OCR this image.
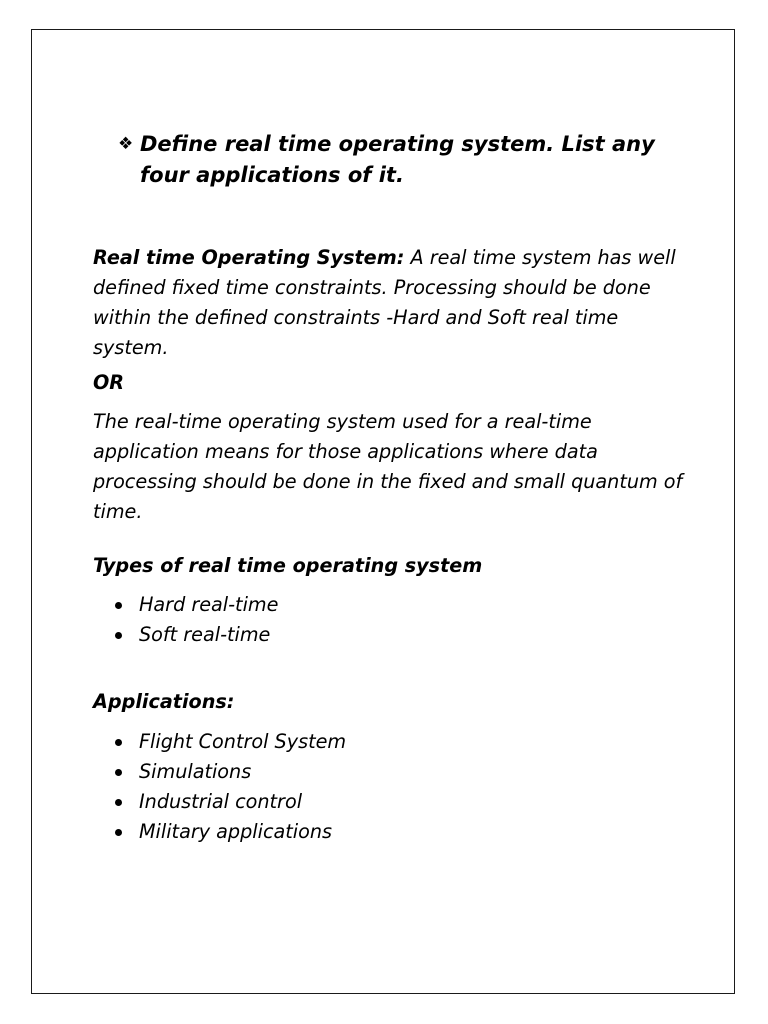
❖ Define real time operating system. List any four applications of it.
Real time Operating System: A real time system has well defined fixed time constraints. Processing should be done within the defined constraints -Hard and Soft real time system.
OR
The real-time operating system used for a real-time application means for those applications where data processing should be done in the fixed and small quantum of time.
Types of real time operating system
Hard real-time
Soft real-time
Applications:
Flight Control System
Simulations
Industrial control
Military applications
